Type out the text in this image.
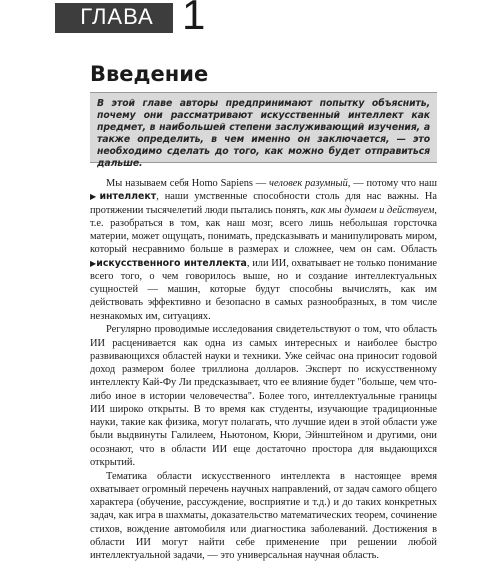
ГЛАВА 1
Введение

В этой главе авторы предпринимают попытку объяснить, почему они рассматривают искусственный интеллект как предмет, в наибольшей степени заслуживающий изучения, а также определить, в чем именно он заключается, — это необходимо сделать до того, как можно будет отправиться дальше.

Мы называем себя Homo Sapiens — человек разумный, — потому что наш ▶интеллект, наши умственные способности столь для нас важны. На протяжении тысячелетий люди пытались понять, как мы думаем и действуем, т.е. разобраться в том, как наш мозг, всего лишь небольшая горсточка материи, может ощущать, понимать, предсказывать и манипулировать миром, который несравнимо больше в размерах и сложнее, чем он сам. Область ▶искусственного интеллекта, или ИИ, охватывает не только понимание всего того, о чем говорилось выше, но и создание интеллектуальных сущностей — машин, которые будут способны вычислять, как им действовать эффективно и безопасно в самых разнообразных, в том числе незнакомых им, ситуациях.

Регулярно проводимые исследования свидетельствуют о том, что область ИИ расценивается как одна из самых интересных и наиболее быстро развивающихся областей науки и техники. Уже сейчас она приносит годовой доход размером более триллиона долларов. Эксперт по искусственному интеллекту Кай-Фу Ли предсказывает, что ее влияние будет "больше, чем что-либо иное в истории человечества". Более того, интеллектуальные границы ИИ широко открыты. В то время как студенты, изучающие традиционные науки, такие как физика, могут полагать, что лучшие идеи в этой области уже были выдвинуты Галилеем, Ньютоном, Кюри, Эйнштейном и другими, они осознают, что в области ИИ еще достаточно простора для выдающихся открытий.

Тематика области искусственного интеллекта в настоящее время охватывает огромный перечень научных направлений, от задач самого общего характера (обучение, рассуждение, восприятие и т.д.) и до таких конкретных задач, как игра в шахматы, доказательство математических теорем, сочинение стихов, вождение автомобиля или диагностика заболеваний. Достижения в области ИИ могут найти себе применение при решении любой интеллектуальной задачи, — это универсальная научная область.
